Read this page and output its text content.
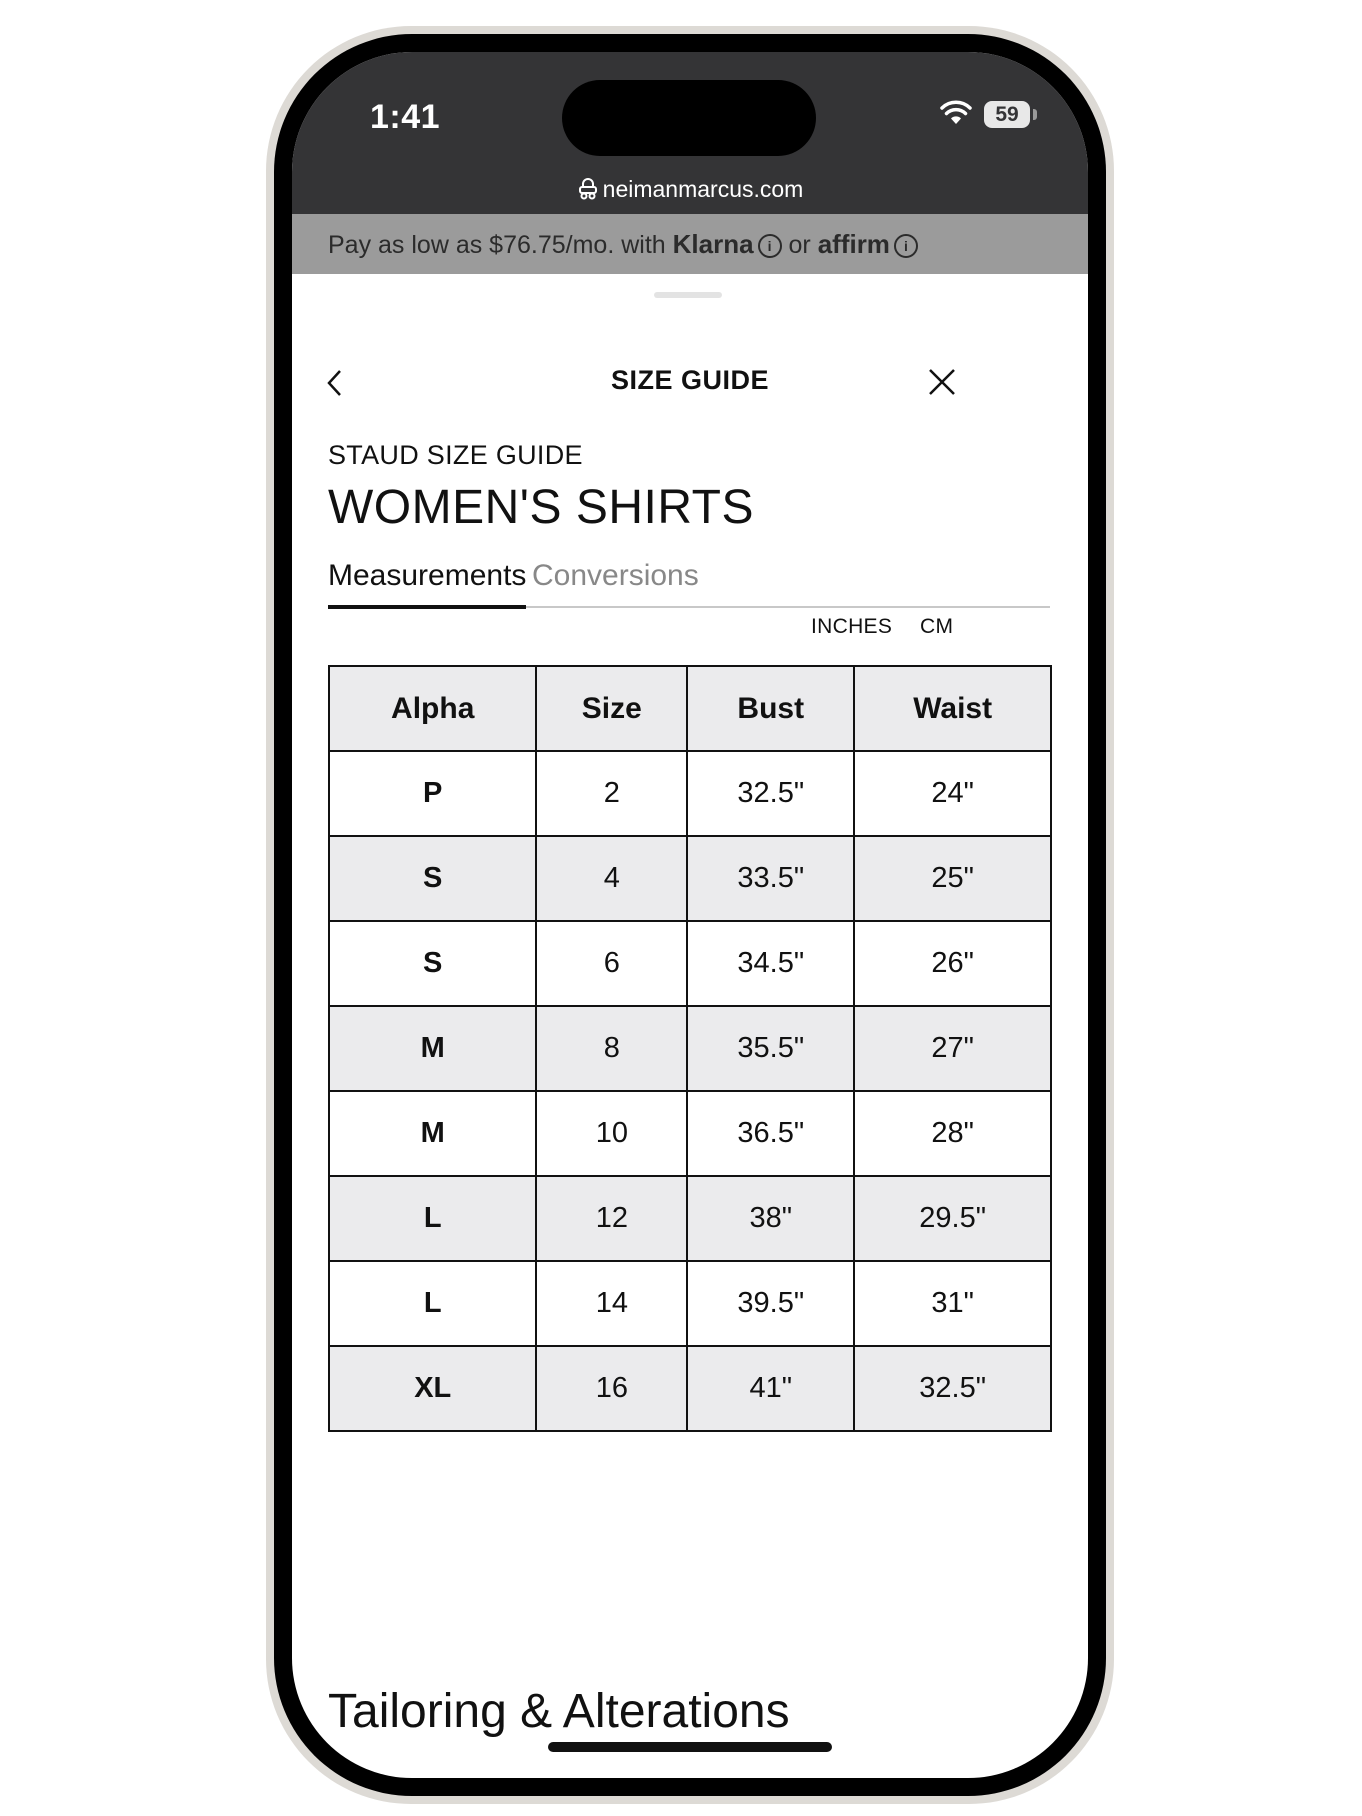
1:41	59
neimanmarcus.com
Pay as low as $76.75/mo. with Klarna i or affirm i
SIZE GUIDE
STAUD SIZE GUIDE
WOMEN'S SHIRTS
Measurements Conversions
INCHES CM
Alpha	Size	Bust	Waist
P	2	32.5"	24"
S	4	33.5"	25"
S	6	34.5"	26"
M	8	35.5"	27"
M	10	36.5"	28"
L	12	38"	29.5"
L	14	39.5"	31"
XL	16	41"	32.5"
Tailoring & Alterations
